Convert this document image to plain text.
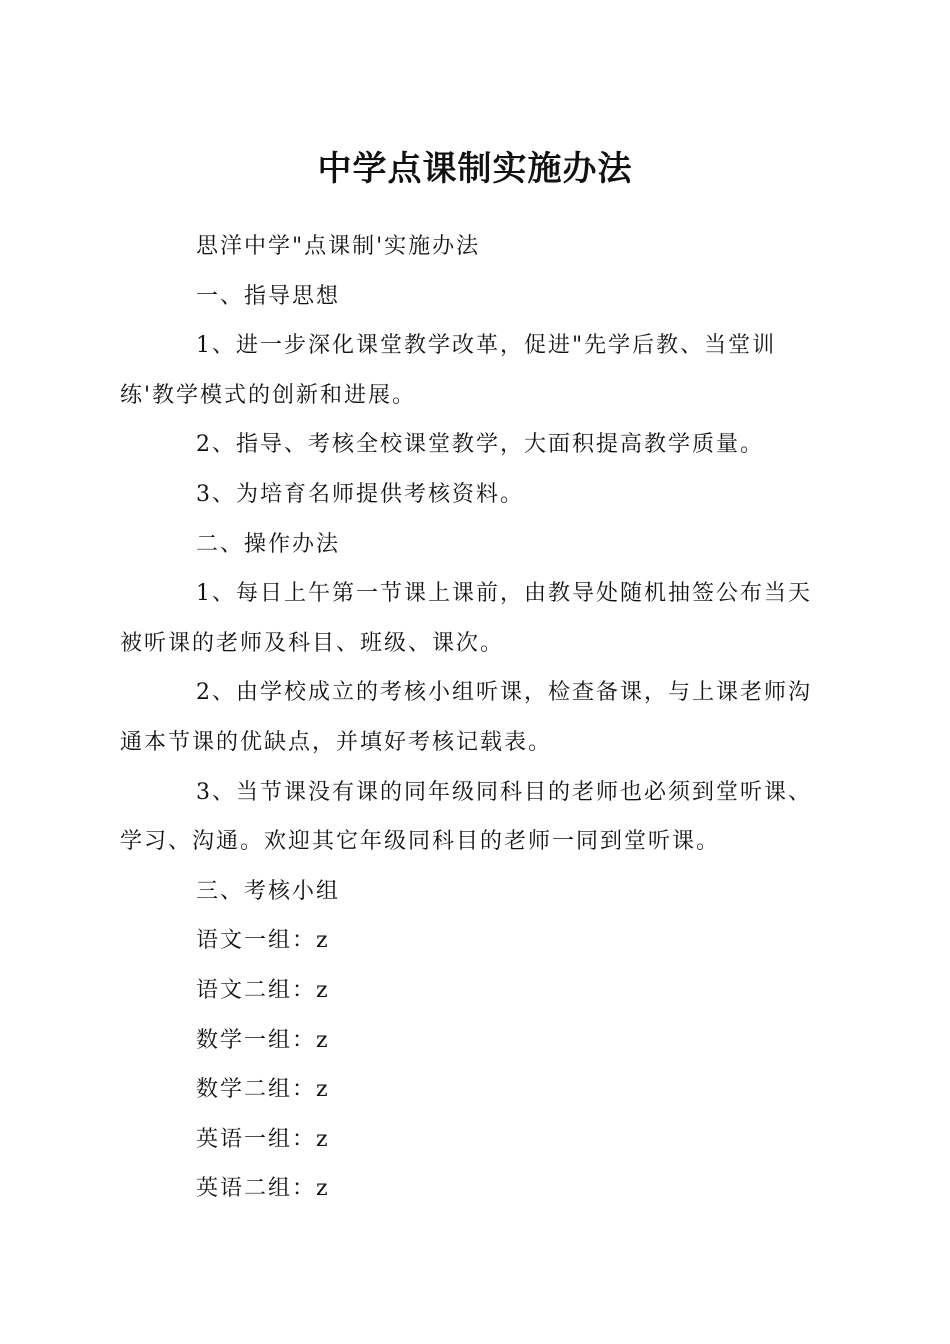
中学点课制实施办法

思洋中学"点课制'实施办法

一、指导思想

1、进一步深化课堂教学改革，促进"先学后教、当堂训练'教学模式的创新和进展。

2、指导、考核全校课堂教学，大面积提高教学质量。

3、为培育名师提供考核资料。

二、操作办法

1、每日上午第一节课上课前，由教导处随机抽签公布当天被听课的老师及科目、班级、课次。

2、由学校成立的考核小组听课，检查备课，与上课老师沟通本节课的优缺点，并填好考核记载表。

3、当节课没有课的同年级同科目的老师也必须到堂听课、学习、沟通。欢迎其它年级同科目的老师一同到堂听课。

三、考核小组

语文一组：z

语文二组：z

数学一组：z

数学二组：z

英语一组：z

英语二组：z
